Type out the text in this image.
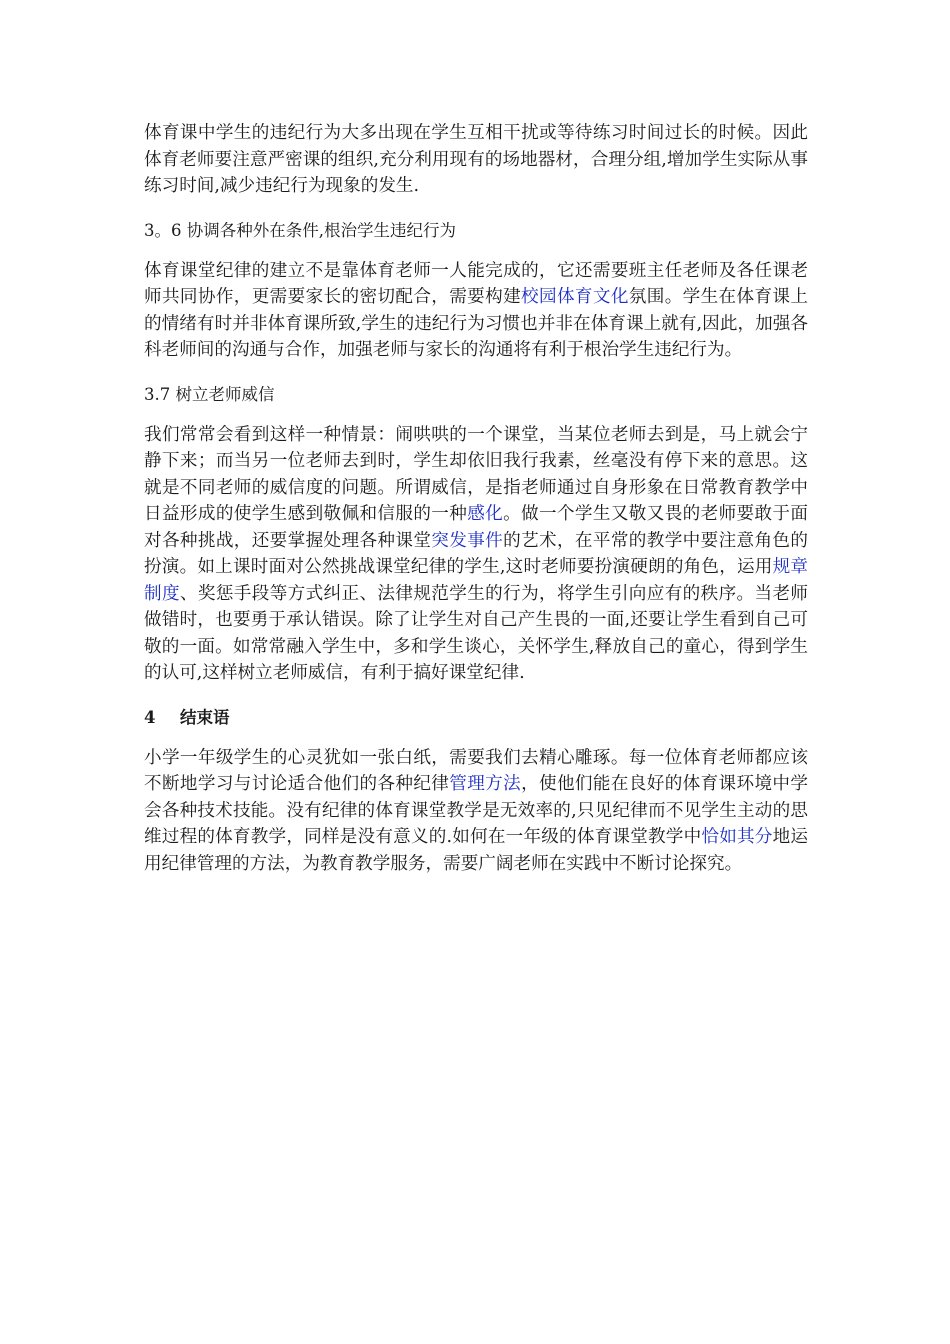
体育课中学生的违纪行为大多出现在学生互相干扰或等待练习时间过长的时候。因此体育老师要注意严密课的组织,充分利用现有的场地器材，合理分组,增加学生实际从事练习时间,减少违纪行为现象的发生.

3。6 协调各种外在条件,根治学生违纪行为

体育课堂纪律的建立不是靠体育老师一人能完成的，它还需要班主任老师及各任课老师共同协作，更需要家长的密切配合，需要构建校园体育文化氛围。学生在体育课上的情绪有时并非体育课所致,学生的违纪行为习惯也并非在体育课上就有,因此，加强各科老师间的沟通与合作，加强老师与家长的沟通将有利于根治学生违纪行为。

3.7 树立老师威信

我们常常会看到这样一种情景：闹哄哄的一个课堂，当某位老师去到是，马上就会宁静下来；而当另一位老师去到时，学生却依旧我行我素，丝毫没有停下来的意思。这就是不同老师的威信度的问题。所谓威信，是指老师通过自身形象在日常教育教学中日益形成的使学生感到敬佩和信服的一种感化。做一个学生又敬又畏的老师要敢于面对各种挑战，还要掌握处理各种课堂突发事件的艺术，在平常的教学中要注意角色的扮演。如上课时面对公然挑战课堂纪律的学生,这时老师要扮演硬朗的角色，运用规章制度、奖惩手段等方式纠正、法律规范学生的行为，将学生引向应有的秩序。当老师做错时，也要勇于承认错误。除了让学生对自己产生畏的一面,还要让学生看到自己可敬的一面。如常常融入学生中，多和学生谈心，关怀学生,释放自己的童心，得到学生的认可,这样树立老师威信，有利于搞好课堂纪律.

4 结束语

小学一年级学生的心灵犹如一张白纸，需要我们去精心雕琢。每一位体育老师都应该不断地学习与讨论适合他们的各种纪律管理方法，使他们能在良好的体育课环境中学会各种技术技能。没有纪律的体育课堂教学是无效率的,只见纪律而不见学生主动的思维过程的体育教学，同样是没有意义的.如何在一年级的体育课堂教学中恰如其分地运用纪律管理的方法，为教育教学服务，需要广阔老师在实践中不断讨论探究。
